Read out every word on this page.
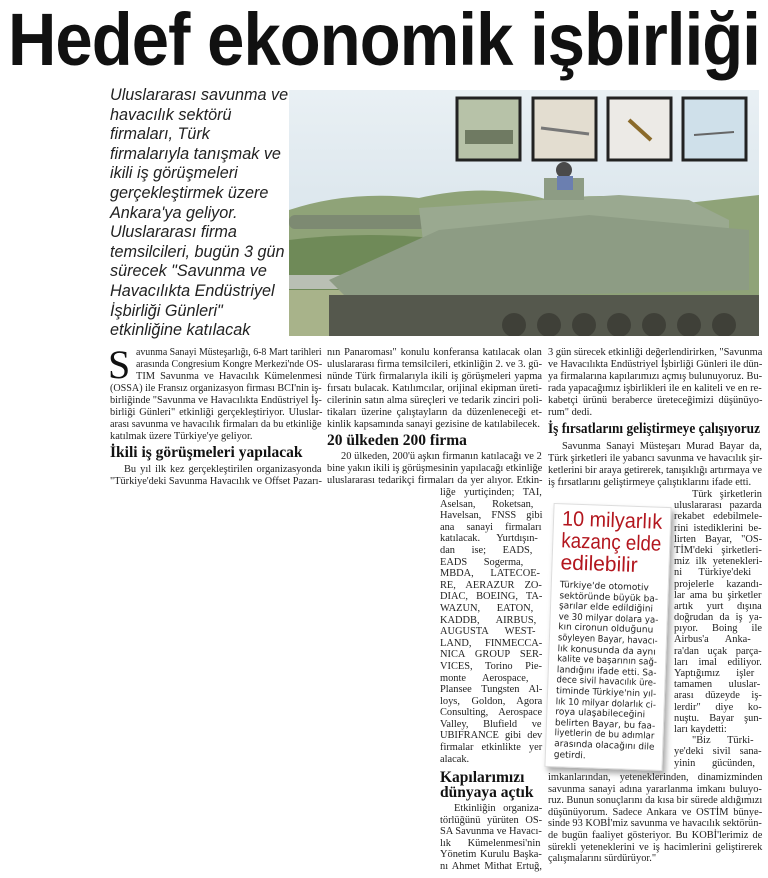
Hedef ekonomik işbirliği
Uluslararası savunma ve
havacılık sektörü
firmaları, Türk
firmalarıyla tanışmak ve
ikili iş görüşmeleri
gerçekleştirmek üzere
Ankara'ya geliyor.
Uluslararası firma
temsilcileri, bugün 3 gün
sürecek "Savunma ve
Havacılıkta Endüstriyel
İşbirliği Günleri"
etkinliğine katılacak
S avunma Sanayi Müsteşarlığı, 6-8 Mart tarihleri
arasında Congresium Kongre Merkezi'nde OS-
TIM Savunma ve Havacılık Kümelenmesi
(OSSA) ile Fransız organizasyon firması BCI'nin iş-
birliğinde "Savunma ve Havacılıkta Endüstriyel İş-
birliği Günleri" etkinliği gerçekleştiriyor. Uluslar-
arası savunma ve havacılık firmaları da bu etkinliğe
katılmak üzere Türkiye'ye geliyor.
İkili iş görüşmeleri yapılacak
Bu yıl ilk kez gerçekleştirilen organizasyonda
"Türkiye'deki Savunma Havacılık ve Offset Pazarı-
nın Panaroması" konulu konferansa katılacak olan
uluslararası firma temsilcileri, etkinliğin 2. ve 3. gü-
nünde Türk firmalarıyla ikili iş görüşmeleri yapma
fırsatı bulacak. Katılımcılar, orijinal ekipman üreti-
cilerinin satın alma süreçleri ve tedarik zinciri poli-
tikaları üzerine çalıştayların da düzenleneceği et-
kinlik kapsamında sanayi gezisine de katılabilecek.
20 ülkeden 200 firma
20 ülkeden, 200'ü aşkın firmanın katılacağı ve 2
bine yakın ikili iş görüşmesinin yapılacağı etkinliğe
uluslararası tedarikçi firmaları da yer alıyor. Etkin-
liğe yurtiçinden; TAI,
Aselsan, Roketsan,
Havelsan, FNSS gibi
ana sanayi firmaları
katılacak. Yurtdışın-
dan ise; EADS,
EADS Sogerma,
MBDA, LATECOE-
RE, AERAZUR ZO-
DIAC, BOEING, TA-
WAZUN, EATON,
KADDB, AIRBUS,
AUGUSTA WEST-
LAND, FINMECCA-
NICA GROUP SER-
VICES, Torino Pie-
monte Aerospace,
Plansee Tungsten Al-
loys, Goldon, Agora
Consulting, Aerospace
Valley, Blufield ve
UBIFRANCE gibi dev
firmalar etkinlikte yer
alacak.
Kapılarımızı
dünyaya açtık
Etkinliğin organiza-
törlüğünü yürüten OS-
SA Savunma ve Havacı-
lık Kümelenmesi'nin
Yönetim Kurulu Başka-
nı Ahmet Mithat Ertuğ,
3 gün sürecek etkinliği değerlendirirken, "Savunma
ve Havacılıkta Endüstriyel İşbirliği Günleri ile dün-
ya firmalarına kapılarımızı açmış bulunuyoruz. Bu-
rada yapacağımız işbirlikleri ile en kaliteli ve en re-
kabetçi ürünü beraberce üreteceğimizi düşünüyo-
rum" dedi.
İş fırsatlarını geliştirmeye çalışıyoruz
Savunma Sanayi Müsteşarı Murad Bayar da,
Türk şirketleri ile yabancı savunma ve havacılık şir-
ketlerini bir araya getirerek, tanışıklığı artırmaya ve
iş fırsatlarını geliştirmeye çalıştıklarını ifade etti.
Türk şirketlerin
uluslararası pazarda
rekabet edebilmele-
rini istediklerini be-
lirten Bayar, "OS-
TİM'deki şirketleri-
miz ilk yetenekleri-
ni Türkiye'deki
projelerle kazandı-
lar ama bu şirketler
artık yurt dışına
doğrudan da iş ya-
pıyor. Boing ile
Airbus'a Anka-
ra'dan uçak parça-
ları imal ediliyor.
Yaptığımız işler
tamamen uluslar-
arası düzeyde iş-
lerdir" diye ko-
nuştu. Bayar şun-
ları kaydetti:
"Biz Türki-
ye'deki sivil sana-
yinin gücünden,
imkanlarından, yeteneklerinden, dinamizminden
savunma sanayi adına yararlanma imkanı buluyo-
ruz. Bunun sonuçlarını da kısa bir sürede aldığımızı
düşünüyorum. Sadece Ankara ve OSTİM bünye-
sinde 93 KOBİ'miz savunma ve havacılık sektörün-
de bugün faaliyet gösteriyor. Bu KOBİ'lerimiz de
sürekli yeteneklerini ve iş hacimlerini geliştirerek
çalışmalarını sürdürüyor."
10 milyarlık
kazanç elde
edilebilir
Türkiye'de otomotiv
sektöründe büyük ba-
şarılar elde edildiğini
ve 30 milyar dolara ya-
kın cironun olduğunu
söyleyen Bayar, havacı-
lık konusunda da aynı
kalite ve başarının sağ-
landığını ifade etti. Sa-
dece sivil havacılık üre-
timinde Türkiye'nin yıl-
lık 10 milyar dolarlık ci-
roya ulaşabileceğini
belirten Bayar, bu faa-
liyetlerin de bu adımlar
arasında olacağını dile
getirdi.
